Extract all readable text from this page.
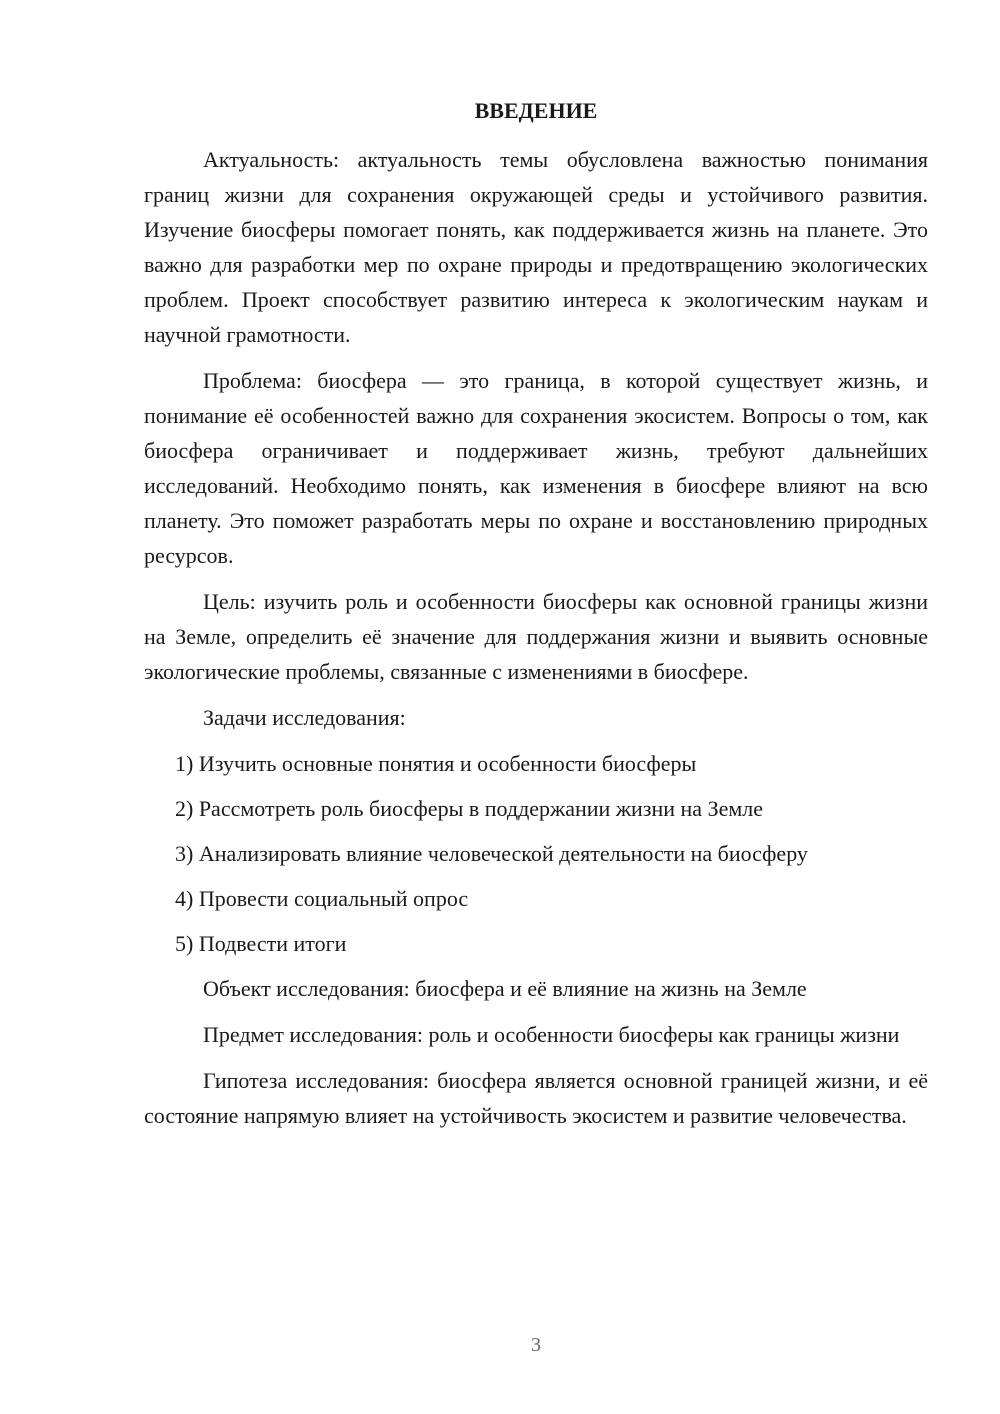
ВВЕДЕНИЕ

Актуальность: актуальность темы обусловлена важностью понимания границ жизни для сохранения окружающей среды и устойчивого развития. Изучение биосферы помогает понять, как поддерживается жизнь на планете. Это важно для разработки мер по охране природы и предотвращению экологических проблем. Проект способствует развитию интереса к экологическим наукам и научной грамотности.

Проблема: биосфера — это граница, в которой существует жизнь, и понимание её особенностей важно для сохранения экосистем. Вопросы о том, как биосфера ограничивает и поддерживает жизнь, требуют дальнейших исследований. Необходимо понять, как изменения в биосфере влияют на всю планету. Это поможет разработать меры по охране и восстановлению природных ресурсов.

Цель: изучить роль и особенности биосферы как основной границы жизни на Земле, определить её значение для поддержания жизни и выявить основные экологические проблемы, связанные с изменениями в биосфере.

Задачи исследования:

1) Изучить основные понятия и особенности биосферы
2) Рассмотреть роль биосферы в поддержании жизни на Земле
3) Анализировать влияние человеческой деятельности на биосферу
4) Провести социальный опрос
5) Подвести итоги

Объект исследования: биосфера и её влияние на жизнь на Земле

Предмет исследования: роль и особенности биосферы как границы жизни

Гипотеза исследования: биосфера является основной границей жизни, и её состояние напрямую влияет на устойчивость экосистем и развитие человечества.

3
